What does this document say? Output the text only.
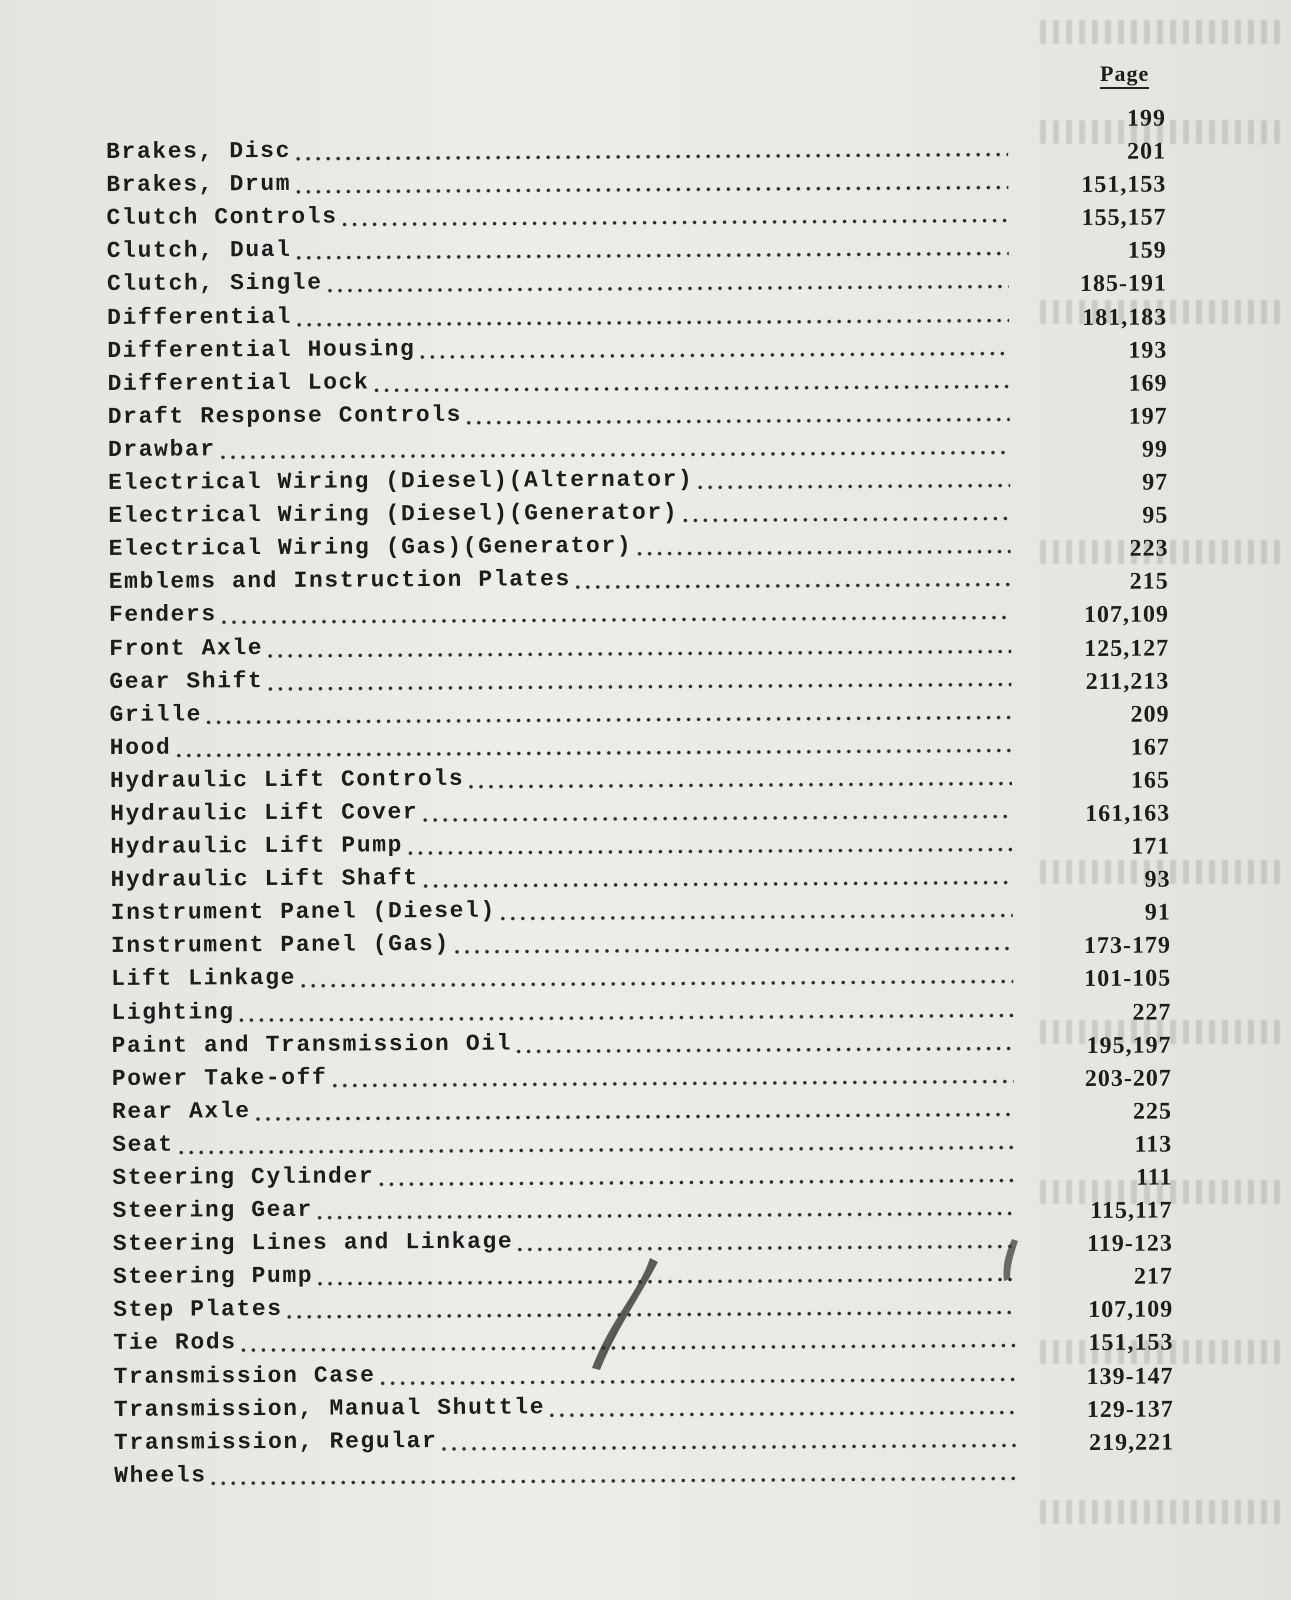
Page
Brakes, Disc
199
Brakes, Drum
201
Clutch Controls
151,153
Clutch, Dual
155,157
Clutch, Single
159
Differential
185-191
Differential Housing
181,183
Differential Lock
193
Draft Response Controls
169
Drawbar
197
Electrical Wiring (Diesel)(Alternator)
99
Electrical Wiring (Diesel)(Generator)
97
Electrical Wiring (Gas)(Generator)
95
Emblems and Instruction Plates
223
Fenders
215
Front Axle
107,109
Gear Shift
125,127
Grille
211,213
Hood
209
Hydraulic Lift Controls
167
Hydraulic Lift Cover
165
Hydraulic Lift Pump
161,163
Hydraulic Lift Shaft
171
Instrument Panel (Diesel)
93
Instrument Panel (Gas)
91
Lift Linkage
173-179
Lighting
101-105
Paint and Transmission Oil
227
Power Take-off
195,197
Rear Axle
203-207
Seat
225
Steering Cylinder
113
Steering Gear
111
Steering Lines and Linkage
115,117
Steering Pump
119-123
Step Plates
217
Tie Rods
107,109
Transmission Case
151,153
Transmission, Manual Shuttle
139-147
Transmission, Regular
129-137
Wheels
219,221
